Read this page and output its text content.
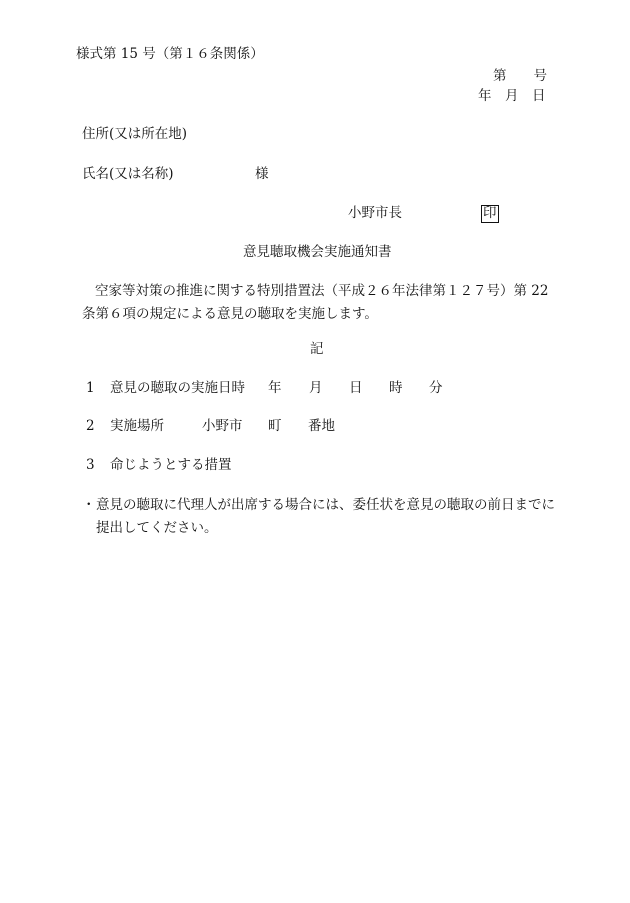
様式第 15 号（第１６条関係）
第　　号
年　月　日
住所(又は所在地)
氏名(又は名称)	様
小野市長	印
意見聴取機会実施通知書
空家等対策の推進に関する特別措置法（平成２６年法律第１２７号）第 22 条第６項の規定による意見の聴取を実施します。
記
1 意見の聴取の実施日時 年 月 日 時 分
2 実施場所	小野市 町 番地
3 命じようとする措置
・ 意見の聴取に代理人が出席する場合には、委任状を意見の聴取の前日までに提出してください。
